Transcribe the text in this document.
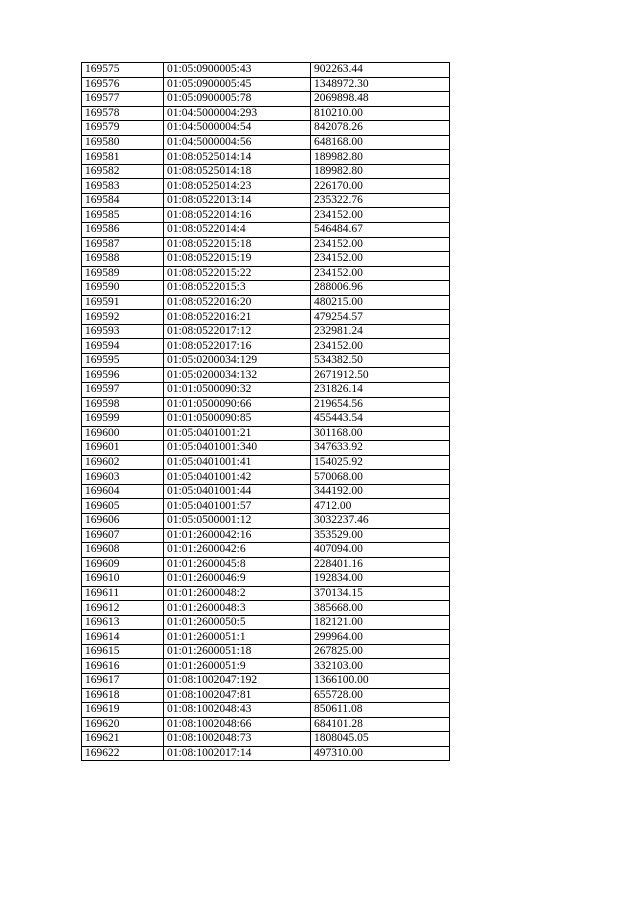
169575	01:05:0900005:43	902263.44
169576	01:05:0900005:45	1348972.30
169577	01:05:0900005:78	2069898.48
169578	01:04:5000004:293	810210.00
169579	01:04:5000004:54	842078.26
169580	01:04:5000004:56	648168.00
169581	01:08:0525014:14	189982.80
169582	01:08:0525014:18	189982.80
169583	01:08:0525014:23	226170.00
169584	01:08:0522013:14	235322.76
169585	01:08:0522014:16	234152.00
169586	01:08:0522014:4	546484.67
169587	01:08:0522015:18	234152.00
169588	01:08:0522015:19	234152.00
169589	01:08:0522015:22	234152.00
169590	01:08:0522015:3	288006.96
169591	01:08:0522016:20	480215.00
169592	01:08:0522016:21	479254.57
169593	01:08:0522017:12	232981.24
169594	01:08:0522017:16	234152.00
169595	01:05:0200034:129	534382.50
169596	01:05:0200034:132	2671912.50
169597	01:01:0500090:32	231826.14
169598	01:01:0500090:66	219654.56
169599	01:01:0500090:85	455443.54
169600	01:05:0401001:21	301168.00
169601	01:05:0401001:340	347633.92
169602	01:05:0401001:41	154025.92
169603	01:05:0401001:42	570068.00
169604	01:05:0401001:44	344192.00
169605	01:05:0401001:57	4712.00
169606	01:05:0500001:12	3032237.46
169607	01:01:2600042:16	353529.00
169608	01:01:2600042:6	407094.00
169609	01:01:2600045:8	228401.16
169610	01:01:2600046:9	192834.00
169611	01:01:2600048:2	370134.15
169612	01:01:2600048:3	385668.00
169613	01:01:2600050:5	182121.00
169614	01:01:2600051:1	299964.00
169615	01:01:2600051:18	267825.00
169616	01:01:2600051:9	332103.00
169617	01:08:1002047:192	1366100.00
169618	01:08:1002047:81	655728.00
169619	01:08:1002048:43	850611.08
169620	01:08:1002048:66	684101.28
169621	01:08:1002048:73	1808045.05
169622	01:08:1002017:14	497310.00
